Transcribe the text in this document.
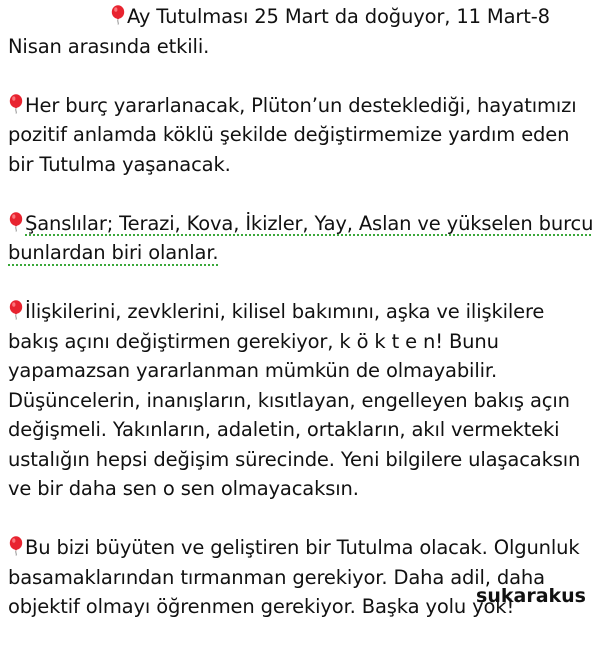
Ay Tutulması 25 Mart da doğuyor, 11 Mart-8
Nisan arasında etkili.

Her burç yararlanacak, Plüton’un desteklediği, hayatımızı pozitif anlamda köklü şekilde değiştirmemize yardım eden bir Tutulma yaşanacak.

Şanslılar; Terazi, Kova, İkizler, Yay, Aslan ve yükselen burcu bunlardan biri olanlar.

İlişkilerini, zevklerini, kilisel bakımını, aşka ve ilişkilere bakış açını değiştirmen gerekiyor, k ö k t e n! Bunu yapamazsan yararlanman mümkün de olmayabilir. Düşüncelerin, inanışların, kısıtlayan, engelleyen bakış açın değişmeli. Yakınların, adaletin, ortakların, akıl vermekteki ustalığın hepsi değişim sürecinde. Yeni bilgilere ulaşacaksın ve bir daha sen o sen olmayacaksın.

Bu bizi büyüten ve geliştiren bir Tutulma olacak. Olgunluk basamaklarından tırmanman gerekiyor. Daha adil, daha objektif olmayı öğrenmen gerekiyor. Başka yolu yok!

sukarakus
